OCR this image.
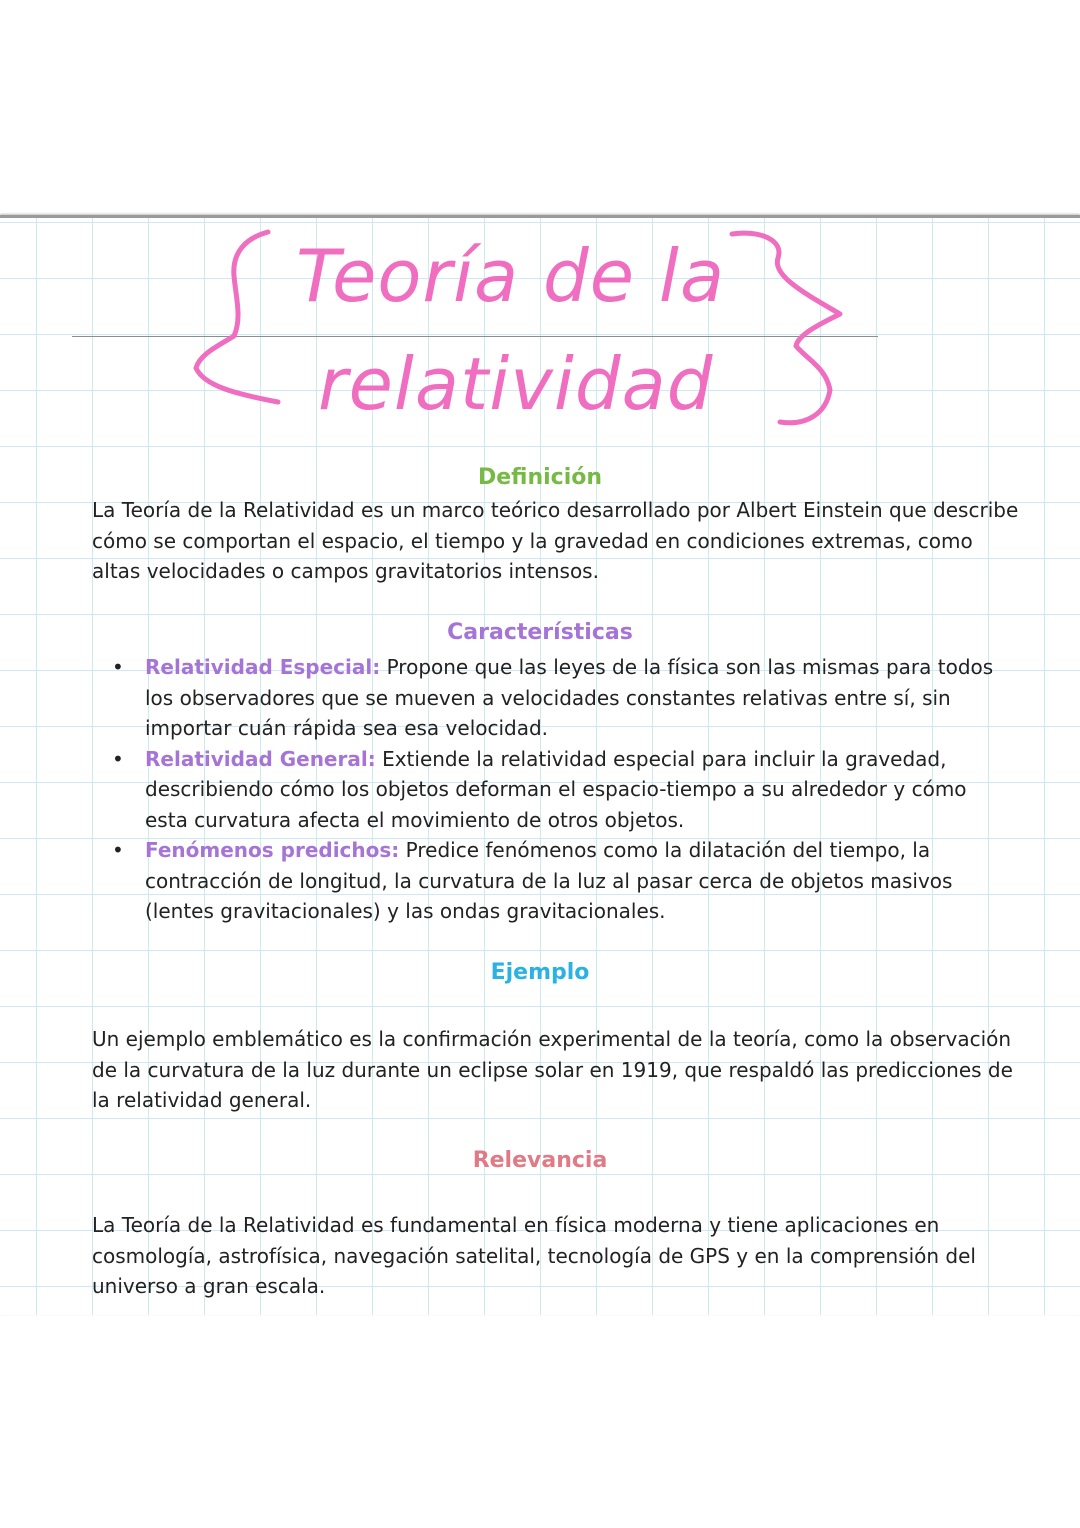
Teoría de la
relatividad
Definición
La Teoría de la Relatividad es un marco teórico desarrollado por Albert Einstein que describe cómo se comportan el espacio, el tiempo y la gravedad en condiciones extremas, como altas velocidades o campos gravitatorios intensos.
Características
• Relatividad Especial: Propone que las leyes de la física son las mismas para todos los observadores que se mueven a velocidades constantes relativas entre sí, sin importar cuán rápida sea esa velocidad.
• Relatividad General: Extiende la relatividad especial para incluir la gravedad, describiendo cómo los objetos deforman el espacio-tiempo a su alrededor y cómo esta curvatura afecta el movimiento de otros objetos.
• Fenómenos predichos: Predice fenómenos como la dilatación del tiempo, la contracción de longitud, la curvatura de la luz al pasar cerca de objetos masivos (lentes gravitacionales) y las ondas gravitacionales.
Ejemplo
Un ejemplo emblemático es la confirmación experimental de la teoría, como la observación de la curvatura de la luz durante un eclipse solar en 1919, que respaldó las predicciones de la relatividad general.
Relevancia
La Teoría de la Relatividad es fundamental en física moderna y tiene aplicaciones en cosmología, astrofísica, navegación satelital, tecnología de GPS y en la comprensión del universo a gran escala.
